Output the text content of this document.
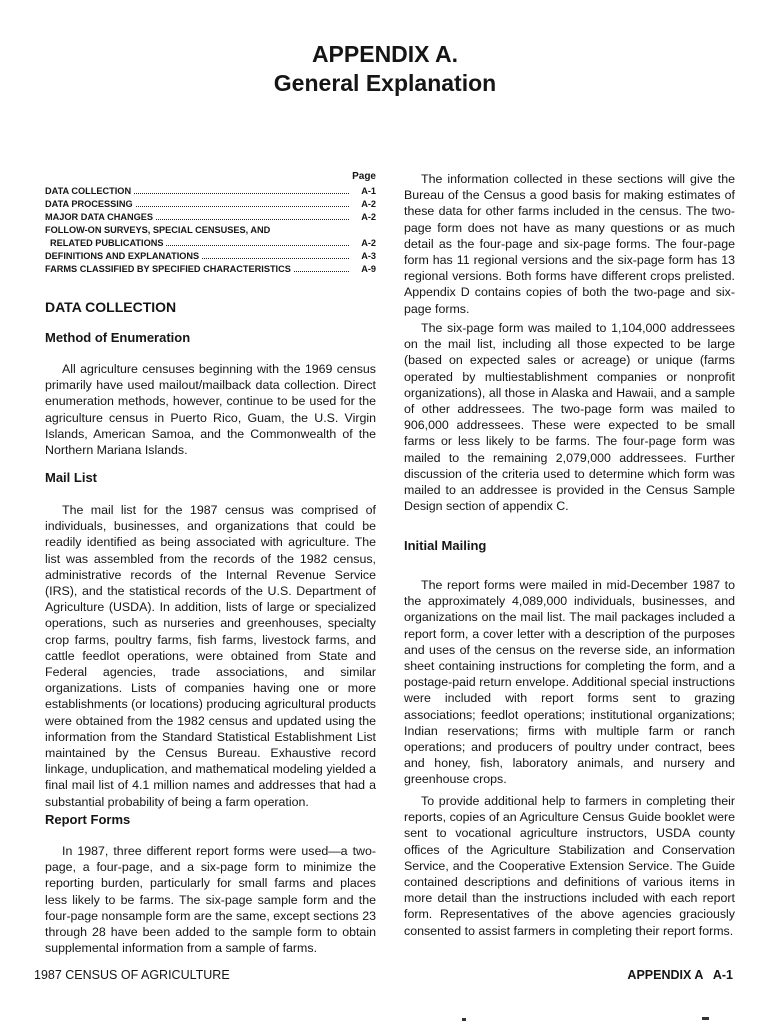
APPENDIX A.
General Explanation
Page
DATA COLLECTION	A-1
DATA PROCESSING	A-2
MAJOR DATA CHANGES	A-2
FOLLOW-ON SURVEYS, SPECIAL CENSUSES, AND
RELATED PUBLICATIONS	A-2
DEFINITIONS AND EXPLANATIONS	A-3
FARMS CLASSIFIED BY SPECIFIED CHARACTERISTICS	A-9
DATA COLLECTION
Method of Enumeration

All agriculture censuses beginning with the 1969 census primarily have used mailout/mailback data collection. Direct enumeration methods, however, continue to be used for the agriculture census in Puerto Rico, Guam, the U.S. Virgin Islands, American Samoa, and the Commonwealth of the Northern Mariana Islands.

Mail List

The mail list for the 1987 census was comprised of individuals, businesses, and organizations that could be readily identified as being associated with agriculture. The list was assembled from the records of the 1982 census, administrative records of the Internal Revenue Service (IRS), and the statistical records of the U.S. Department of Agriculture (USDA). In addition, lists of large or specialized operations, such as nurseries and greenhouses, specialty crop farms, poultry farms, fish farms, livestock farms, and cattle feedlot operations, were obtained from State and Federal agencies, trade associations, and similar organizations. Lists of companies having one or more establishments (or locations) producing agricultural products were obtained from the 1982 census and updated using the information from the Standard Statistical Establishment List maintained by the Census Bureau. Exhaustive record linkage, unduplication, and mathematical modeling yielded a final mail list of 4.1 million names and addresses that had a substantial probability of being a farm operation.

Report Forms

In 1987, three different report forms were used—a two-page, a four-page, and a six-page form to minimize the reporting burden, particularly for small farms and places less likely to be farms. The six-page sample form and the four-page nonsample form are the same, except sections 23 through 28 have been added to the sample form to obtain supplemental information from a sample of farms.

The information collected in these sections will give the Bureau of the Census a good basis for making estimates of these data for other farms included in the census. The two-page form does not have as many questions or as much detail as the four-page and six-page forms. The four-page form has 11 regional versions and the six-page form has 13 regional versions. Both forms have different crops prelisted. Appendix D contains copies of both the two-page and six-page forms.

The six-page form was mailed to 1,104,000 addressees on the mail list, including all those expected to be large (based on expected sales or acreage) or unique (farms operated by multiestablishment companies or nonprofit organizations), all those in Alaska and Hawaii, and a sample of other addressees. The two-page form was mailed to 906,000 addressees. These were expected to be small farms or less likely to be farms. The four-page form was mailed to the remaining 2,079,000 addressees. Further discussion of the criteria used to determine which form was mailed to an addressee is provided in the Census Sample Design section of appendix C.

Initial Mailing

The report forms were mailed in mid-December 1987 to the approximately 4,089,000 individuals, businesses, and organizations on the mail list. The mail packages included a report form, a cover letter with a description of the purposes and uses of the census on the reverse side, an information sheet containing instructions for completing the form, and a postage-paid return envelope. Additional special instructions were included with report forms sent to grazing associations; feedlot operations; institutional organizations; Indian reservations; firms with multiple farm or ranch operations; and producers of poultry under contract, bees and honey, fish, laboratory animals, and nursery and greenhouse crops.

To provide additional help to farmers in completing their reports, copies of an Agriculture Census Guide booklet were sent to vocational agriculture instructors, USDA county offices of the Agriculture Stabilization and Conservation Service, and the Cooperative Extension Service. The Guide contained descriptions and definitions of various items in more detail than the instructions included with each report form. Representatives of the above agencies graciously consented to assist farmers in completing their report forms.

1987 CENSUS OF AGRICULTURE	APPENDIX A   A-1
